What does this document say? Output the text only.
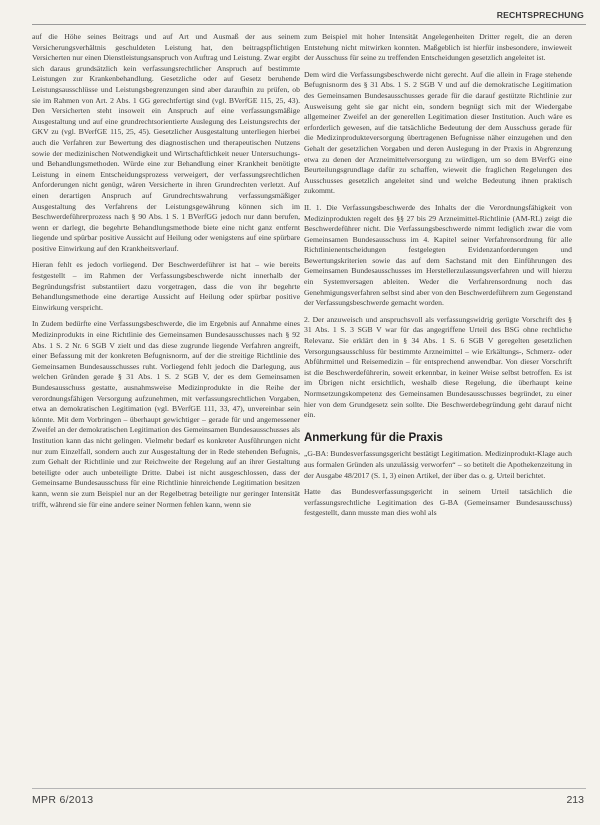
RECHTSPRECHUNG

auf die Höhe seines Beitrags und auf Art und Ausmaß der aus seinem Versicherungsverhältnis geschuldeten Leistung hat, den beitragspflichtigen Versicherten nur einen Dienstleistungsanspruch von Auftrag und Leistung. Zwar ergibt sich daraus grundsätzlich kein verfassungsrechtlicher Anspruch auf bestimmte Leistungen zur Krankenbehandlung. Gesetzliche oder auf Gesetz beruhende Leistungsausschlüsse und Leistungsbegrenzungen sind aber daraufhin zu prüfen, ob sie im Rahmen von Art. 2 Abs. 1 GG gerechtfertigt sind (vgl. BVerfGE 115, 25, 43). Den Versicherten steht insoweit ein Anspruch auf eine verfassungsmäßige Ausgestaltung und auf eine grundrechtsorientierte Auslegung des Leistungsrechts der GKV zu (vgl. BVerfGE 115, 25, 45). Gesetzlicher Ausgestaltung unterliegen hierbei auch die Verfahren zur Bewertung des diagnostischen und therapeutischen Nutzens sowie der medizinischen Notwendigkeit und Wirtschaftlichkeit neuer Untersuchungs- und Behandlungsmethoden. Würde eine zur Behandlung einer Krankheit benötigte Leistung in einem Entscheidungsprozess verweigert, der verfassungsrechtlichen Anforderungen nicht genügt, wären Versicherte in ihren Grundrechten verletzt. Auf einen derartigen Anspruch auf Grundrechtswahrung verfassungsmäßiger Ausgestaltung des Verfahrens der Leistungsgewährung können sich im Beschwerdeführerprozess nach § 90 Abs. 1 S. 1 BVerfGG jedoch nur dann berufen, wenn er darlegt, die begehrte Behandlungsmethode biete eine nicht ganz entfernt liegende und spürbar positive Aussicht auf Heilung oder wenigstens auf eine spürbare positive Einwirkung auf den Krankheitsverlauf.

Hieran fehlt es jedoch vorliegend. Der Beschwerdeführer ist hat – wie bereits festgestellt – im Rahmen der Verfassungsbeschwerde nicht innerhalb der Begründungsfrist substantiiert dazu vorgetragen, dass die von ihr begehrte Behandlungsmethode eine derartige Aussicht auf Heilung oder spürbar positive Einwirkung verspricht.

In Zudem bedürfte eine Verfassungsbeschwerde, die im Ergebnis auf Annahme eines Medizinprodukts in eine Richtlinie des Gemeinsamen Bundesausschusses nach § 92 Abs. 1 S. 2 Nr. 6 SGB V zielt und das diese zugrunde liegende Verfahren angreift, einer Befassung mit der konkreten Befugnisnorm, auf der die streitige Richtlinie des Gemeinsamen Bundesausschusses ruht. Vorliegend fehlt jedoch die Darlegung, aus welchen Gründen gerade § 31 Abs. 1 S. 2 SGB V, der es dem Gemeinsamen Bundesausschuss gestatte, ausnahmsweise Medizinprodukte in die Reihe der verordnungsfähigen Versorgung aufzunehmen, mit verfassungsrechtlichen Vorgaben, etwa an demokratischen Legitimation (vgl. BVerfGE 111, 33, 47), unvereinbar sein könnte. Mit dem Vorbringen – überhaupt gewichtiger – gerade für und angemessener Zweifel an der demokratischen Legitimation des Gemeinsamen Bundesausschusses als Institution kann das nicht gelingen. Vielmehr bedarf es konkreter Ausführungen nicht nur zum Einzelfall, sondern auch zur Ausgestaltung der in Rede stehenden Befugnis, zum Gehalt der Richtlinie und zur Reichweite der Regelung auf an ihrer Gestaltung beteiligte oder auch unbeteiligte Dritte. Dabei ist nicht ausgeschlossen, dass der Gemeinsame Bundesausschuss für eine Richtlinie hinreichende Legitimation besitzen kann, wenn sie zum Beispiel nur an der Regelbetrag beteiligte nur geringer Intensität trifft, während sie für eine andere seiner Normen fehlen kann, wenn sie

zum Beispiel mit hoher Intensität Angelegenheiten Dritter regelt, die an deren Entstehung nicht mitwirken konnten. Maßgeblich ist hierfür insbesondere, inwieweit der Ausschuss für seine zu treffenden Entscheidungen gesetzlich angeleitet ist.

Dem wird die Verfassungsbeschwerde nicht gerecht. Auf die allein in Frage stehende Befugnisnorm des § 31 Abs. 1 S. 2 SGB V und auf die demokratische Legitimation des Gemeinsamen Bundesausschusses gerade für die darauf gestützte Richtlinie zur Ausweisung geht sie gar nicht ein, sondern begnügt sich mit der Wiedergabe allgemeiner Zweifel an der generellen Legitimation dieser Institution. Auch wäre es erforderlich gewesen, auf die tatsächliche Bedeutung der dem Ausschuss gerade für die Medizinprodukteversorgung übertragenen Befugnisse näher einzugehen und den Gehalt der gesetzlichen Vorgaben und deren Auslegung in der Praxis in Abgrenzung etwa zu denen der Arzneimittelversorgung zu würdigen, um so dem BVerfG eine Beurteilungsgrundlage dafür zu schaffen, wieweit die fraglichen Regelungen des Ausschusses gesetzlich angeleitet sind und welche Bedeutung ihnen praktisch zukommt.

II. 1. Die Verfassungsbeschwerde des Inhalts der die Verordnungsfähigkeit von Medizinprodukten regelt des §§ 27 bis 29 Arzneimittel-Richtlinie (AM-RL) zeigt die Beschwerdeführer nicht. Die Verfassungsbeschwerde nimmt lediglich zwar die vom Gemeinsamen Bundesausschuss im 4. Kapitel seiner Verfahrensordnung für alle Richtlinienentscheidungen festgelegten Evidenzanforderungen und Bewertungskriterien sowie das auf dem Sachstand mit den Einführungen des Gemeinsamen Bundesausschusses im Herstellerzulassungsverfahren und will hierzu ein Systemversagen ableiten. Weder die Verfahrensordnung noch das Genehmigungsverfahren selbst sind aber von den Beschwerdeführern zum Gegenstand der Verfassungsbeschwerde gemacht worden.

2. Der anzuweisch und anspruchsvoll als verfassungswidrig gerügte Vorschrift des § 31 Abs. 1 S. 3 SGB V war für das angegriffene Urteil des BSG ohne rechtliche Relevanz. Sie erklärt den in § 34 Abs. 1 S. 6 SGB V geregelten gesetzlichen Versorgungsausschluss für bestimmte Arzneimittel – wie Erkältungs-, Schmerz- oder Abführmittel und Reisemedizin – für entsprechend anwendbar. Von dieser Vorschrift ist die Beschwerdeführerin, soweit erkennbar, in keiner Weise selbst betroffen. Es ist im Übrigen nicht ersichtlich, weshalb diese Regelung, die überhaupt keine Normsetzungskompetenz des Gemeinsamen Bundesausschusses begründet, zu einer hier von dem Grundgesetz sein sollte. Die Beschwerdebegründung geht darauf nicht ein.

Anmerkung für die Praxis

„G-BA: Bundesverfassungsgericht bestätigt Legitimation. Medizinprodukt-Klage auch aus formalen Gründen als unzulässig verworfen“ – so betitelt die Apothekenzeitung in der Ausgabe 48/2017 (S. 1, 3) einen Artikel, der über das o. g. Urteil berichtet.

Hatte das Bundesverfassungsgericht in seinem Urteil tatsächlich die verfassungsrechtliche Legitimation des G-BA (Gemeinsamer Bundesausschuss) festgestellt, dann musste man dies wohl als

MPR 6/2013	213
